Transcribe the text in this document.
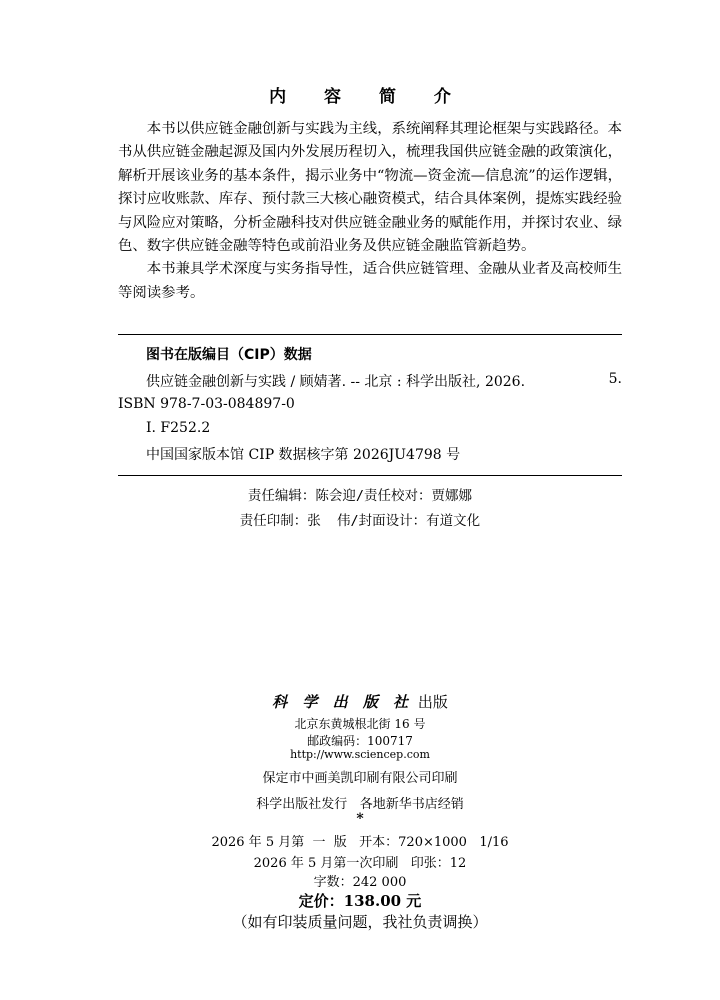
内 容 简 介

本书以供应链金融创新与实践为主线，系统阐释其理论框架与实践路径。本书从供应链金融起源及国内外发展历程切入，梳理我国供应链金融的政策演化，解析开展该业务的基本条件，揭示业务中“物流—资金流—信息流”的运作逻辑，探讨应收账款、库存、预付款三大核心融资模式，结合具体案例，提炼实践经验与风险应对策略，分析金融科技对供应链金融业务的赋能作用，并探讨农业、绿色、数字供应链金融等特色或前沿业务及供应链金融监管新趋势。

本书兼具学术深度与实务指导性，适合供应链管理、金融从业者及高校师生等阅读参考。

图书在版编目（CIP）数据
供应链金融创新与实践 / 顾婧著. -- 北京 : 科学出版社, 2026.	5.
ISBN 978-7-03-084897-0
Ⅰ. F252.2
中国国家版本馆 CIP 数据核字第 2026JU4798 号
责任编辑：陈会迎/责任校对：贾娜娜
责任印制：张  伟/封面设计：有道文化
科 学 出 版 社 出版
北京东黄城根北街 16 号
邮政编码：100717
http://www.sciencep.com
保定市中画美凯印刷有限公司印刷
科学出版社发行   各地新华书店经销
*
2026 年 5 月第  一  版   开本：720×1000   1/16
2026 年 5 月第一次印刷   印张：12
字数：242 000
定价：138.00 元
（如有印装质量问题，我社负责调换）
